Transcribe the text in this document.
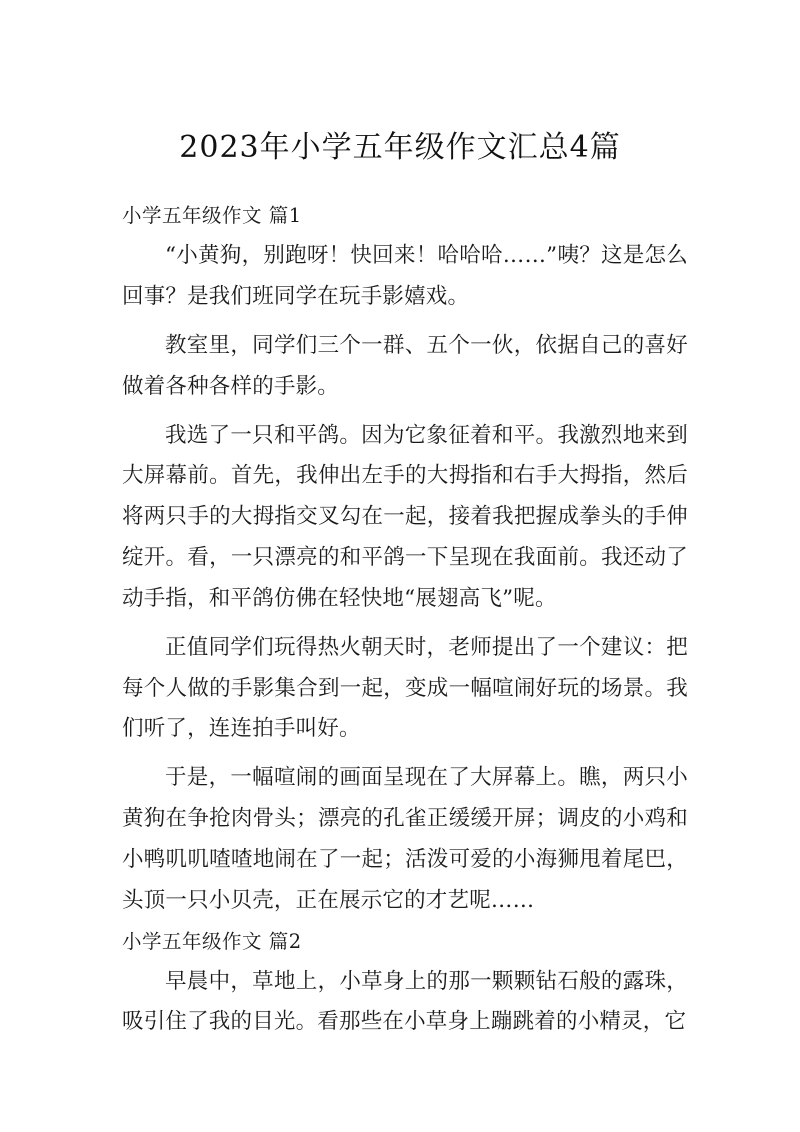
2023年小学五年级作文汇总4篇
小学五年级作文 篇1

“小黄狗，别跑呀！快回来！哈哈哈……”咦？这是怎么回事？是我们班同学在玩手影嬉戏。

教室里，同学们三个一群、五个一伙，依据自己的喜好做着各种各样的手影。

我选了一只和平鸽。因为它象征着和平。我激烈地来到大屏幕前。首先，我伸出左手的大拇指和右手大拇指，然后将两只手的大拇指交叉勾在一起，接着我把握成拳头的手伸绽开。看，一只漂亮的和平鸽一下呈现在我面前。我还动了动手指，和平鸽仿佛在轻快地“展翅高飞”呢。

正值同学们玩得热火朝天时，老师提出了一个建议：把每个人做的手影集合到一起，变成一幅喧闹好玩的场景。我们听了，连连拍手叫好。

于是，一幅喧闹的画面呈现在了大屏幕上。瞧，两只小黄狗在争抢肉骨头；漂亮的孔雀正缓缓开屏；调皮的小鸡和小鸭叽叽喳喳地闹在了一起；活泼可爱的小海狮甩着尾巴，头顶一只小贝壳，正在展示它的才艺呢……

小学五年级作文 篇2

早晨中，草地上，小草身上的那一颗颗钻石般的露珠，吸引住了我的目光。看那些在小草身上蹦跳着的小精灵，它
